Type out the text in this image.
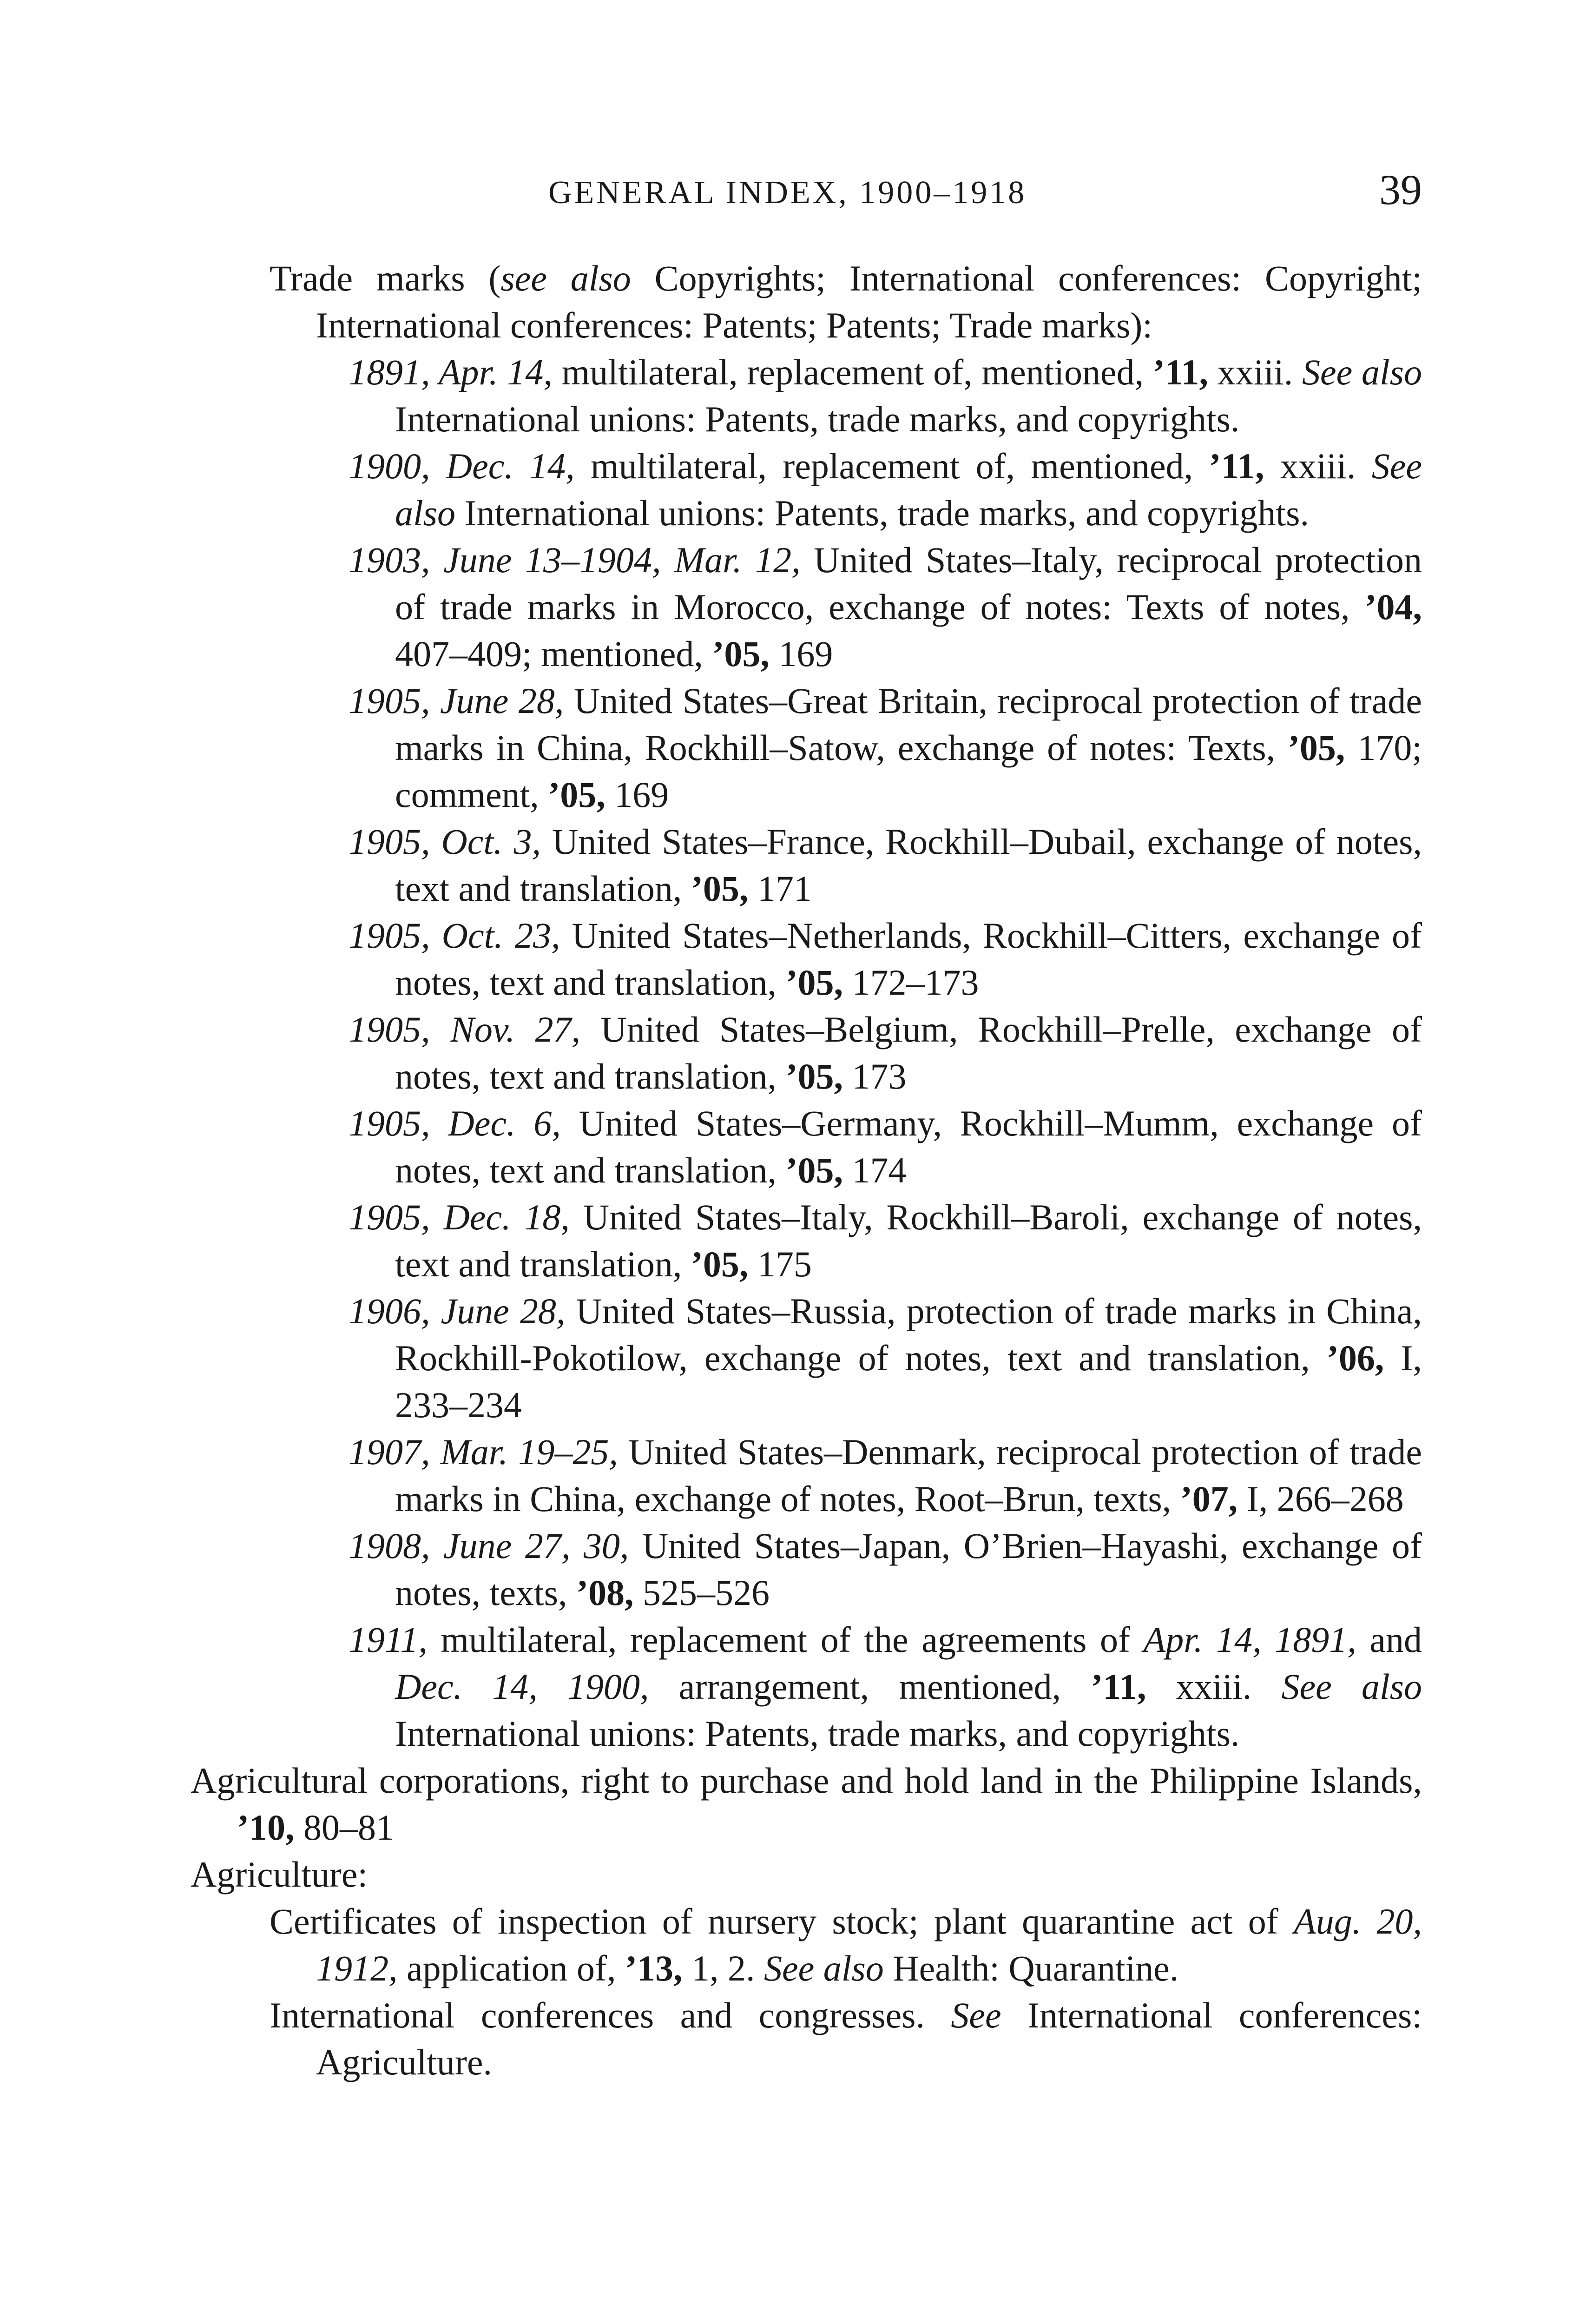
GENERAL INDEX, 1900–1918	39

Trade marks (see also Copyrights; International conferences: Copyright; International conferences: Patents; Patents; Trade marks):

1891, Apr. 14, multilateral, replacement of, mentioned, ’11, xxiii. See also International unions: Patents, trade marks, and copyrights.

1900, Dec. 14, multilateral, replacement of, mentioned, ’11, xxiii. See also International unions: Patents, trade marks, and copyrights.

1903, June 13–1904, Mar. 12, United States–Italy, reciprocal protection of trade marks in Morocco, exchange of notes: Texts of notes, ’04, 407–409; mentioned, ’05, 169

1905, June 28, United States–Great Britain, reciprocal protection of trade marks in China, Rockhill–Satow, exchange of notes: Texts, ’05, 170; comment, ’05, 169

1905, Oct. 3, United States–France, Rockhill–Dubail, exchange of notes, text and translation, ’05, 171

1905, Oct. 23, United States–Netherlands, Rockhill–Citters, exchange of notes, text and translation, ’05, 172–173

1905, Nov. 27, United States–Belgium, Rockhill–Prelle, exchange of notes, text and translation, ’05, 173

1905, Dec. 6, United States–Germany, Rockhill–Mumm, exchange of notes, text and translation, ’05, 174

1905, Dec. 18, United States–Italy, Rockhill–Baroli, exchange of notes, text and translation, ’05, 175

1906, June 28, United States–Russia, protection of trade marks in China, Rockhill-Pokotilow, exchange of notes, text and translation, ’06, I, 233–234

1907, Mar. 19–25, United States–Denmark, reciprocal protection of trade marks in China, exchange of notes, Root–Brun, texts, ’07, I, 266–268

1908, June 27, 30, United States–Japan, O’Brien–Hayashi, exchange of notes, texts, ’08, 525–526

1911, multilateral, replacement of the agreements of Apr. 14, 1891, and Dec. 14, 1900, arrangement, mentioned, ’11, xxiii. See also International unions: Patents, trade marks, and copyrights.

Agricultural corporations, right to purchase and hold land in the Philippine Islands, ’10, 80–81

Agriculture:

Certificates of inspection of nursery stock; plant quarantine act of Aug. 20, 1912, application of, ’13, 1, 2. See also Health: Quarantine.

International conferences and congresses. See International conferences: Agriculture.
